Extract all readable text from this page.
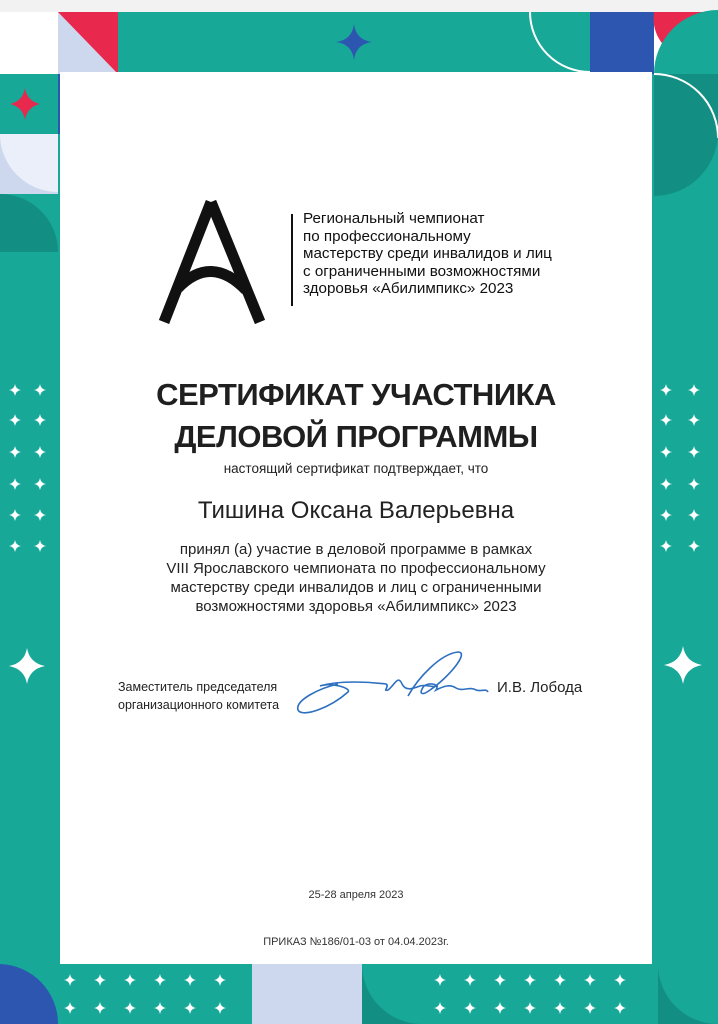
Региональный чемпионат
по профессиональному
мастерству среди инвалидов и лиц
с ограниченными возможностями
здоровья «Абилимпикс» 2023
СЕРТИФИКАТ УЧАСТНИКА
ДЕЛОВОЙ ПРОГРАММЫ
настоящий сертификат подтверждает, что
Тишина Оксана Валерьевна
принял (а) участие в деловой программе в рамках
VIII Ярославского чемпионата по профессиональному
мастерству среди инвалидов и лиц с ограниченными
возможностями здоровья «Абилимпикс» 2023
Заместитель председателя
организационного комитета
И.В. Лобода
25-28 апреля 2023
ПРИКАЗ №186/01-03 от 04.04.2023г.
